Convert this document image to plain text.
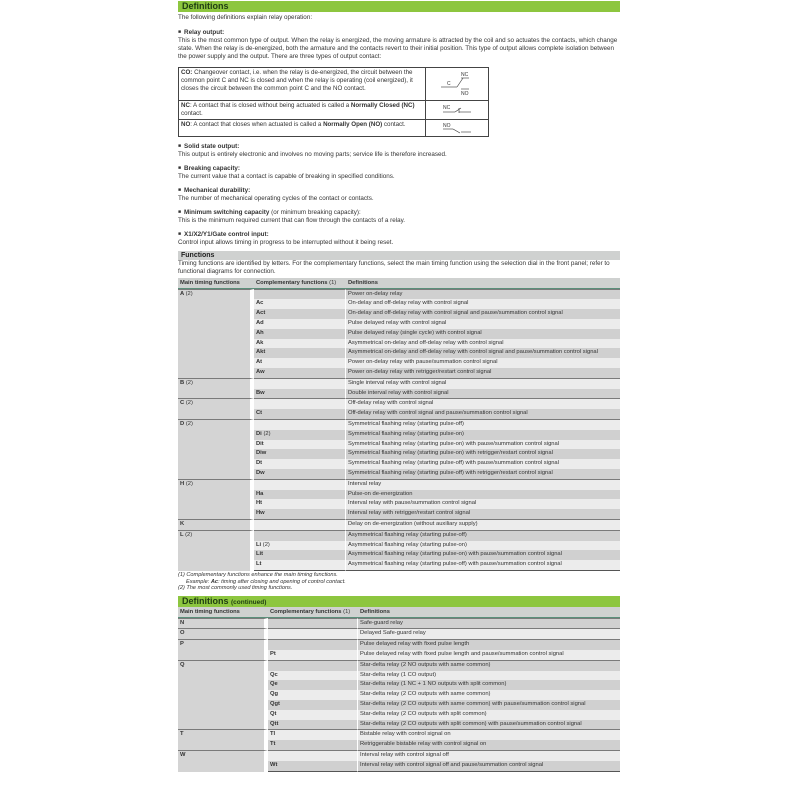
Definitions

The following definitions explain relay operation:

■ Relay output:

This is the most common type of output. When the relay is energized, the moving armature is attracted by the coil and so actuates the contacts, which change state. When the relay is de-energized, both the armature and the contacts revert to their initial position. This type of output allows complete isolation between the power supply and the output. There are three types of output contact:

CO: Changeover contact, i.e. when the relay is de-energized, the circuit between the common point C and NC is closed and when the relay is operating (coil energized), it closes the circuit between the common point C and the NO contact.	
NC
C
NO

NC: A contact that is closed without being actuated is called a Normally Closed (NC) contact.	NC

NO: A contact that closes when actuated is called a Normally Open (NO) contact.	NO

■ Solid state output:

This output is entirely electronic and involves no moving parts; service life is therefore increased.

■ Breaking capacity:

The current value that a contact is capable of breaking in specified conditions.

■ Mechanical durability:

The number of mechanical operating cycles of the contact or contacts.

■ Minimum switching capacity (or minimum breaking capacity):

This is the minimum required current that can flow through the contacts of a relay.

■ X1/X2/Y1/Gate control input:

Control input allows timing in progress to be interrupted without it being reset.

Functions

Timing functions are identified by letters. For the complementary functions, select the main timing function using the selection dial in the front panel; refer to functional diagrams for connection.

Main timing functions	Complementary functions (1)	Definitions
A (2)		Power on-delay relay
	Ac	On-delay and off-delay relay with control signal
	Act	On-delay and off-delay relay with control signal and pause/summation control signal
	Ad	Pulse delayed relay with control signal
	Ah	Pulse delayed relay (single cycle) with control signal
	Ak	Asymmetrical on-delay and off-delay relay with control signal
	Akt	Asymmetrical on-delay and off-delay relay with control signal and pause/summation control signal
	At	Power on-delay relay with pause/summation control signal
	Aw	Power on-delay relay with retrigger/restart control signal
B (2)		Single interval relay with control signal
	Bw	Double interval relay with control signal
C (2)		Off-delay relay with control signal
	Ct	Off-delay relay with control signal and pause/summation control signal
D (2)		Symmetrical flashing relay (starting pulse-off)
	Di (2)	Symmetrical flashing relay (starting pulse-on)
	Dit	Symmetrical flashing relay (starting pulse-on) with pause/summation control signal
	Diw	Symmetrical flashing relay (starting pulse-on) with retrigger/restart control signal
	Dt	Symmetrical flashing relay (starting pulse-off) with pause/summation control signal
	Dw	Symmetrical flashing relay (starting pulse-off) with retrigger/restart control signal
H (2)		Interval relay
	Ha	Pulse-on de-energization
	Ht	Interval relay with pause/summation control signal
	Hw	Interval relay with retrigger/restart control signal
K		Delay on de-energization (without auxiliary supply)
L (2)		Asymmetrical flashing relay (starting pulse-off)
	Li (2)	Asymmetrical flashing relay (starting pulse-on)
	Lit	Asymmetrical flashing relay (starting pulse-on) with pause/summation control signal
	Lt	Asymmetrical flashing relay (starting pulse-off) with pause/summation control signal
(1) Complementary functions enhance the main timing functions.
Example: Ac: timing after closing and opening of control contact.
(2) The most commonly used timing functions.
Definitions (continued)
Main timing functions	Complementary functions (1)	Definitions
N		Safe-guard relay
O		Delayed Safe-guard relay
P		Pulse delayed relay with fixed pulse length
	Pt	Pulse delayed relay with fixed pulse length and pause/summation control signal
Q		Star-delta relay (2 NO outputs with same common)
	Qc	Star-delta relay (1 CO output)
	Qe	Star-delta relay (1 NC + 1 NO outputs with split common)
	Qg	Star-delta relay (2 CO outputs with same common)
	Qgt	Star-delta relay (2 CO outputs with same common) with pause/summation control signal
	Qt	Star-delta relay (2 CO outputs with split common)
	Qtt	Star-delta relay (2 CO outputs with split common) with pause/summation control signal
T	Tl	Bistable relay with control signal on
	Tt	Retriggerable bistable relay with control signal on
W		Interval relay with control signal off
	Wt	Interval relay with control signal off and pause/summation control signal
